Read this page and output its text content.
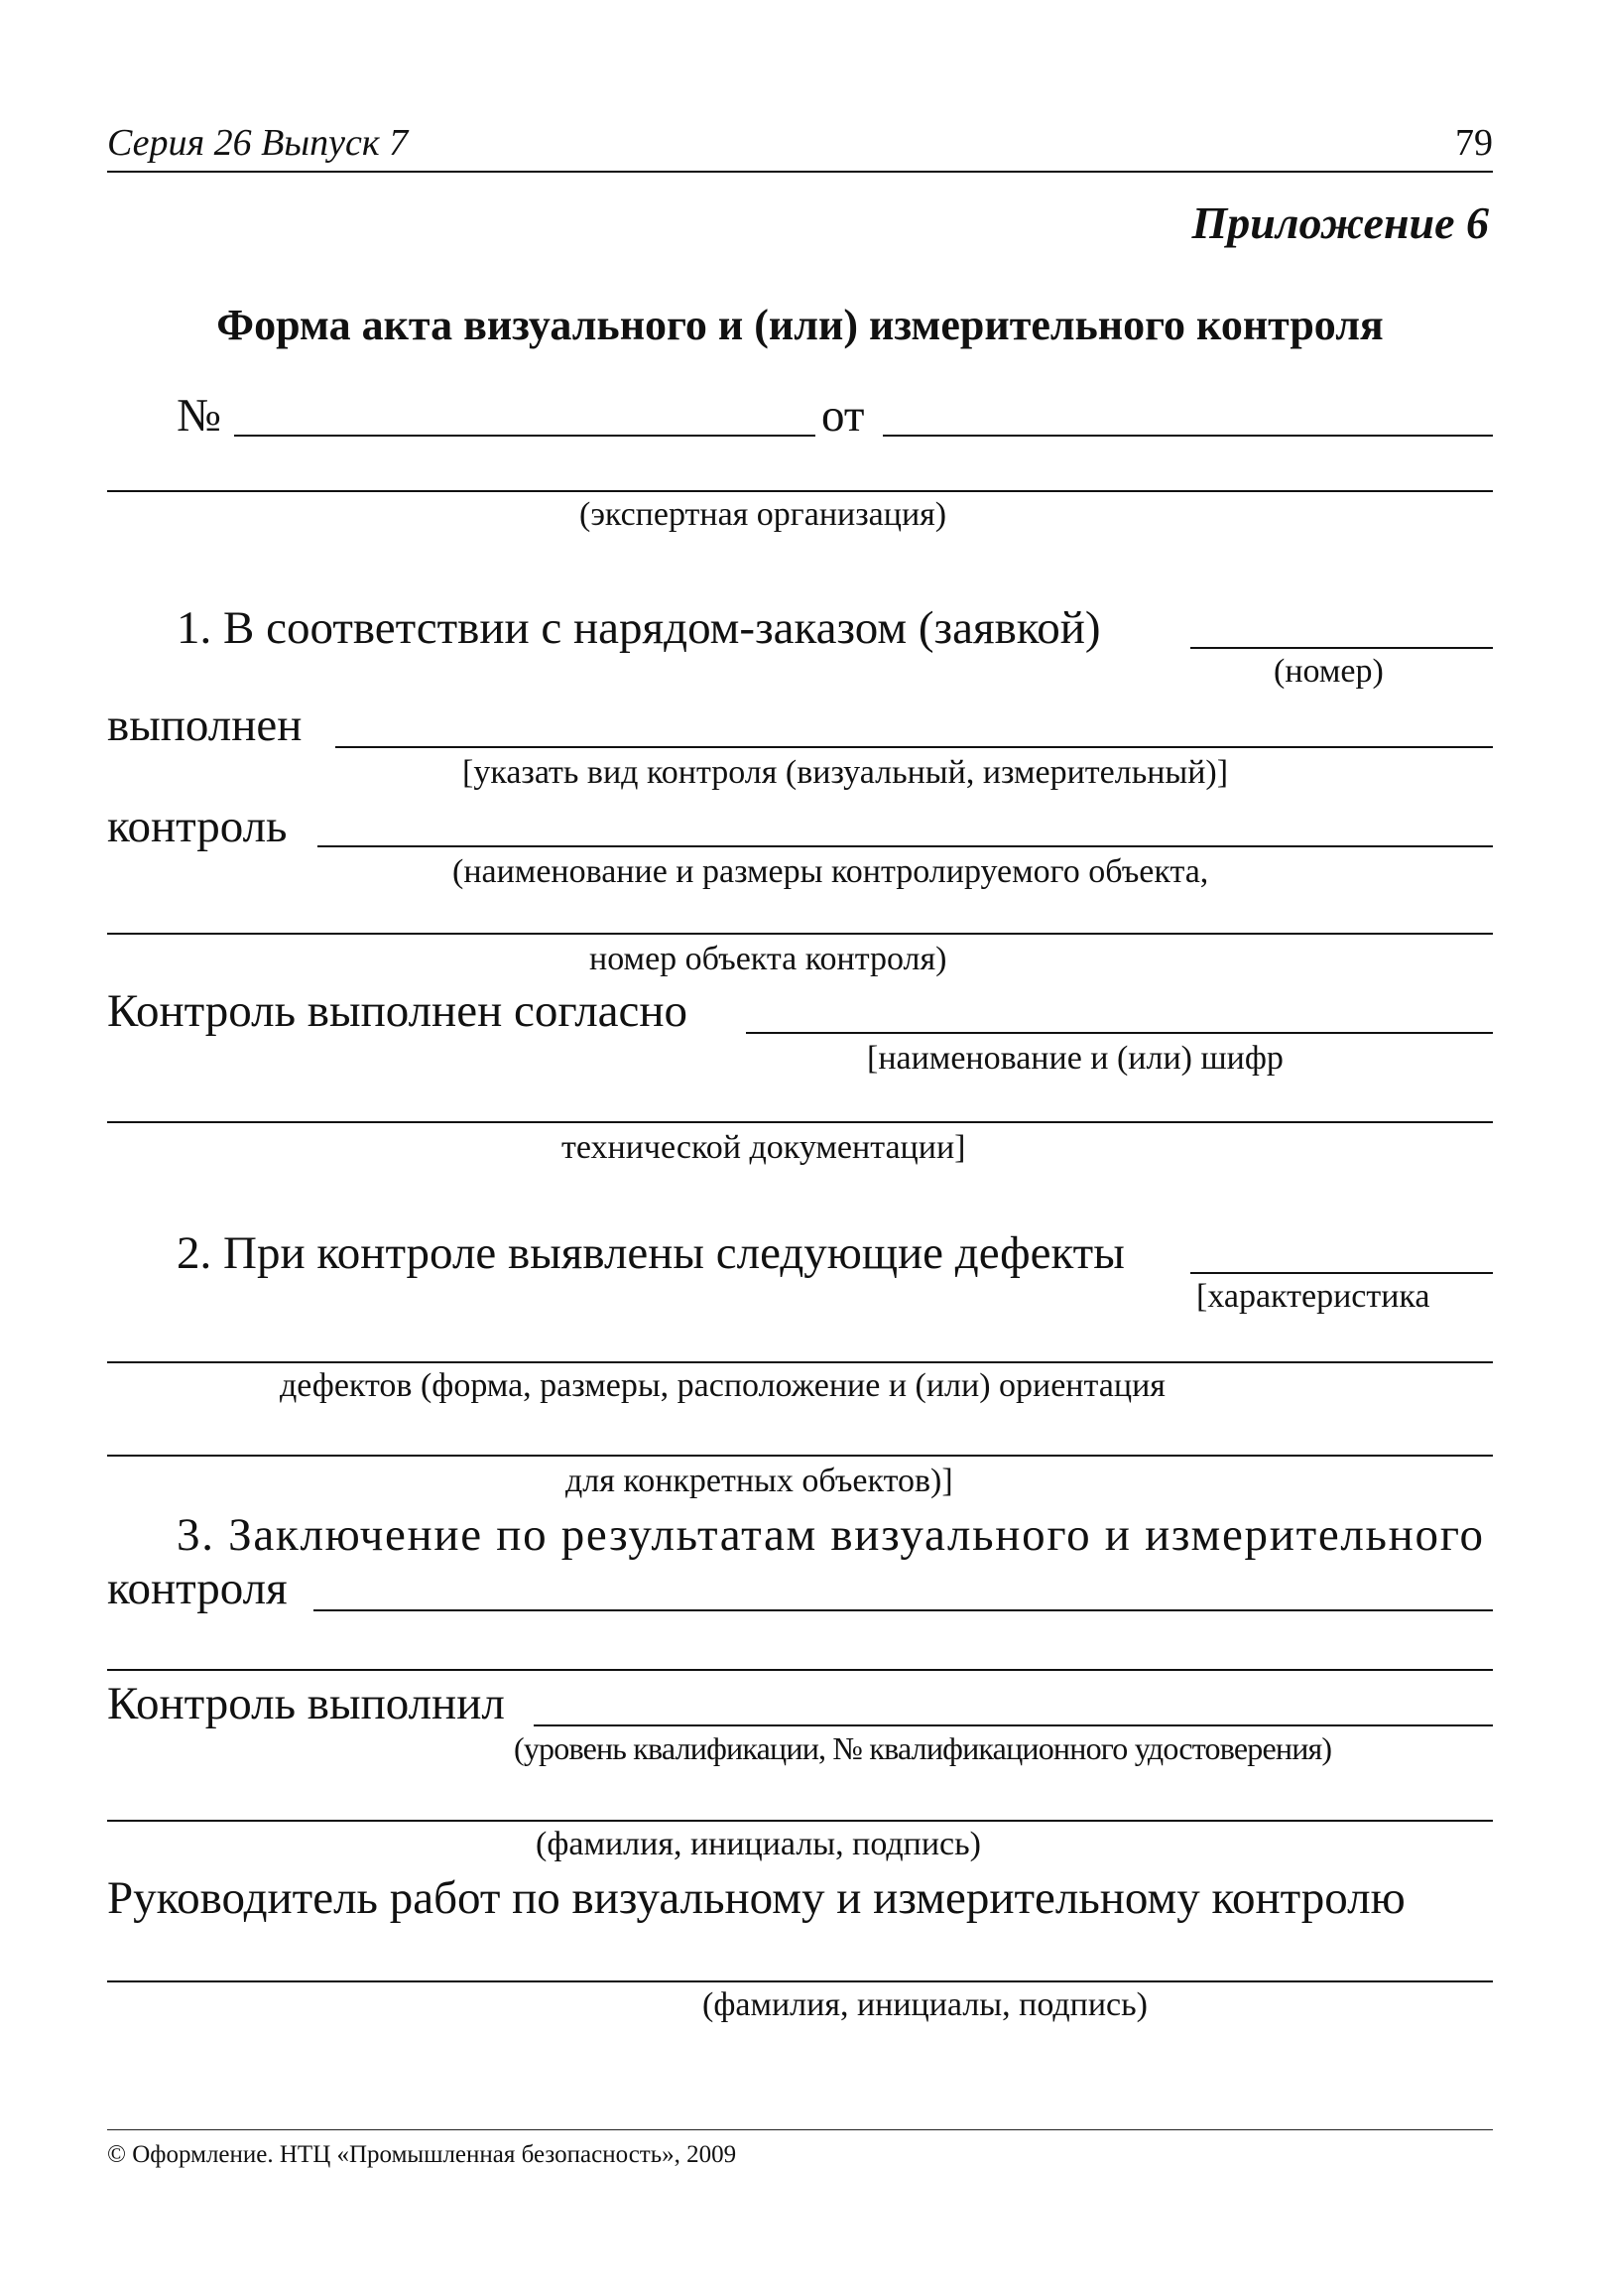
Серия 26 Выпуск 7	79
Приложение 6
Форма акта визуального и (или) измерительного контроля
№	от
(экспертная организация)
1. В соответствии с нарядом-заказом (заявкой)
(номер)
выполнен
[указать вид контроля (визуальный, измерительный)]
контроль
(наименование и размеры контролируемого объекта,
номер объекта контроля)
Контроль выполнен согласно
[наименование и (или) шифр
технической документации]
2. При контроле выявлены следующие дефекты
[характеристика
дефектов (форма, размеры, расположение и (или) ориентация
для конкретных объектов)]
3. Заключение по результатам визуального и измерительного
контроля
Контроль выполнил
(уровень квалификации, № квалификационного удостоверения)
(фамилия, инициалы, подпись)
Руководитель работ по визуальному и измерительному контролю
(фамилия, инициалы, подпись)
© Оформление. НТЦ «Промышленная безопасность», 2009
